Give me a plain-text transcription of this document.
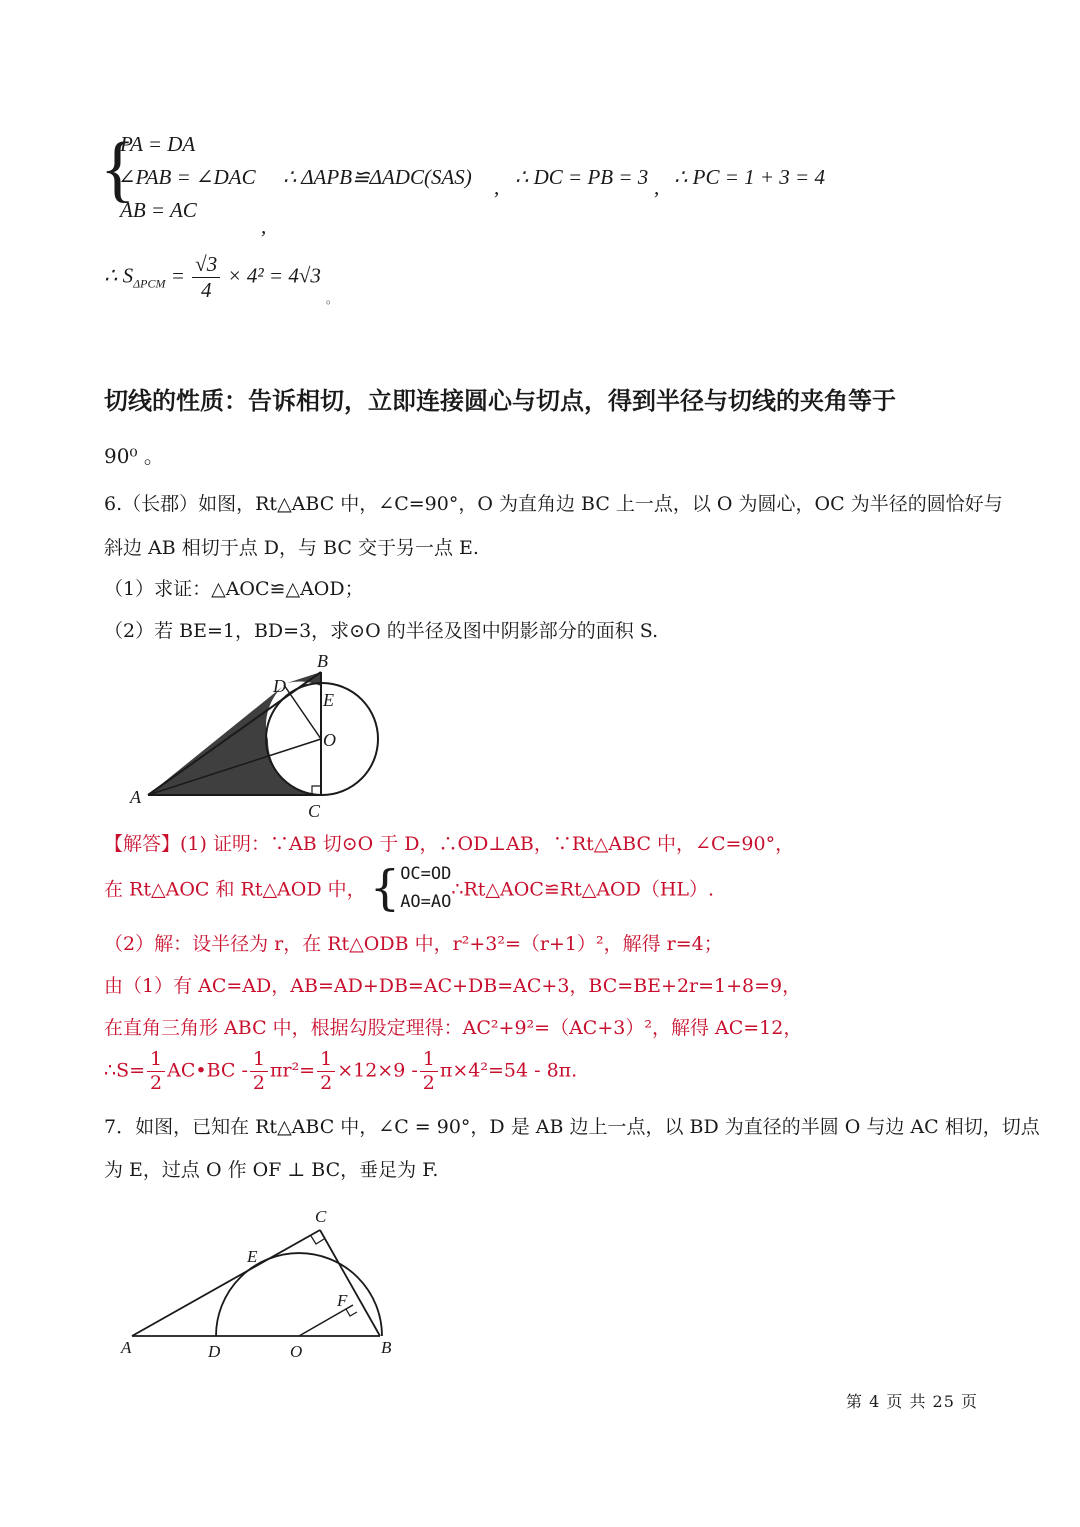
{
PA = DA
∠PAB = ∠DAC
AB = AC
∴ ΔAPB≌ΔADC(SAS) , ∴ DC = PB = 3 , ∴ PC = 1 + 3 = 4
,
∴ $S_{\Delta PCM} = \frac{√3}{4} \times 4^2 = 4√3$
。
切线的性质：告诉相切，立即连接圆心与切点，得到半径与切线的夹角等于
90⁰ 。
6.（长郡）如图，Rt△ABC 中，∠C=90°，O 为直角边 BC 上一点，以 O 为圆心，OC 为半径的圆恰好与
斜边 AB 相切于点 D，与 BC 交于另一点 E.
（1）求证：△AOC≌△AOD；
（2）若 BE=1，BD=3，求⊙O 的半径及图中阴影部分的面积 S.
B
D
E
O
A
C
【解答】(1) 证明：∵AB 切⊙O 于 D，∴OD⊥AB，∵Rt△ABC 中，∠C=90°，
在 Rt△AOC 和 Rt△AOD 中，{ OC=OD
AO=AO
∴Rt△AOC≌Rt△AOD（HL）.
（2）解：设半径为 r，在 Rt△ODB 中，r²+3²=（r+1）²，解得 r=4；
由（1）有 AC=AD，AB=AD+DB=AC+DB=AC+3，BC=BE+2r=1+8=9，
在直角三角形 ABC 中，根据勾股定理得：AC²+9²=（AC+3）²，解得 AC=12，
∴S= $\frac{1}{2}$ AC•BC - $\frac{1}{2} \pi r^2= \frac{1}{2} \times 12\times 9 - \frac{1}{2} \pi\times 4^2=54 - 8\pi$.
7．如图，已知在 Rt△ABC 中，∠C = 90°，D 是 AB 边上一点，以 BD 为直径的半圆 O 与边 AC 相切，切点
为 E，过点 O 作 OF ⊥ BC，垂足为 F.
C
E
F
A	D	O	B
第 4 页 共 25 页
